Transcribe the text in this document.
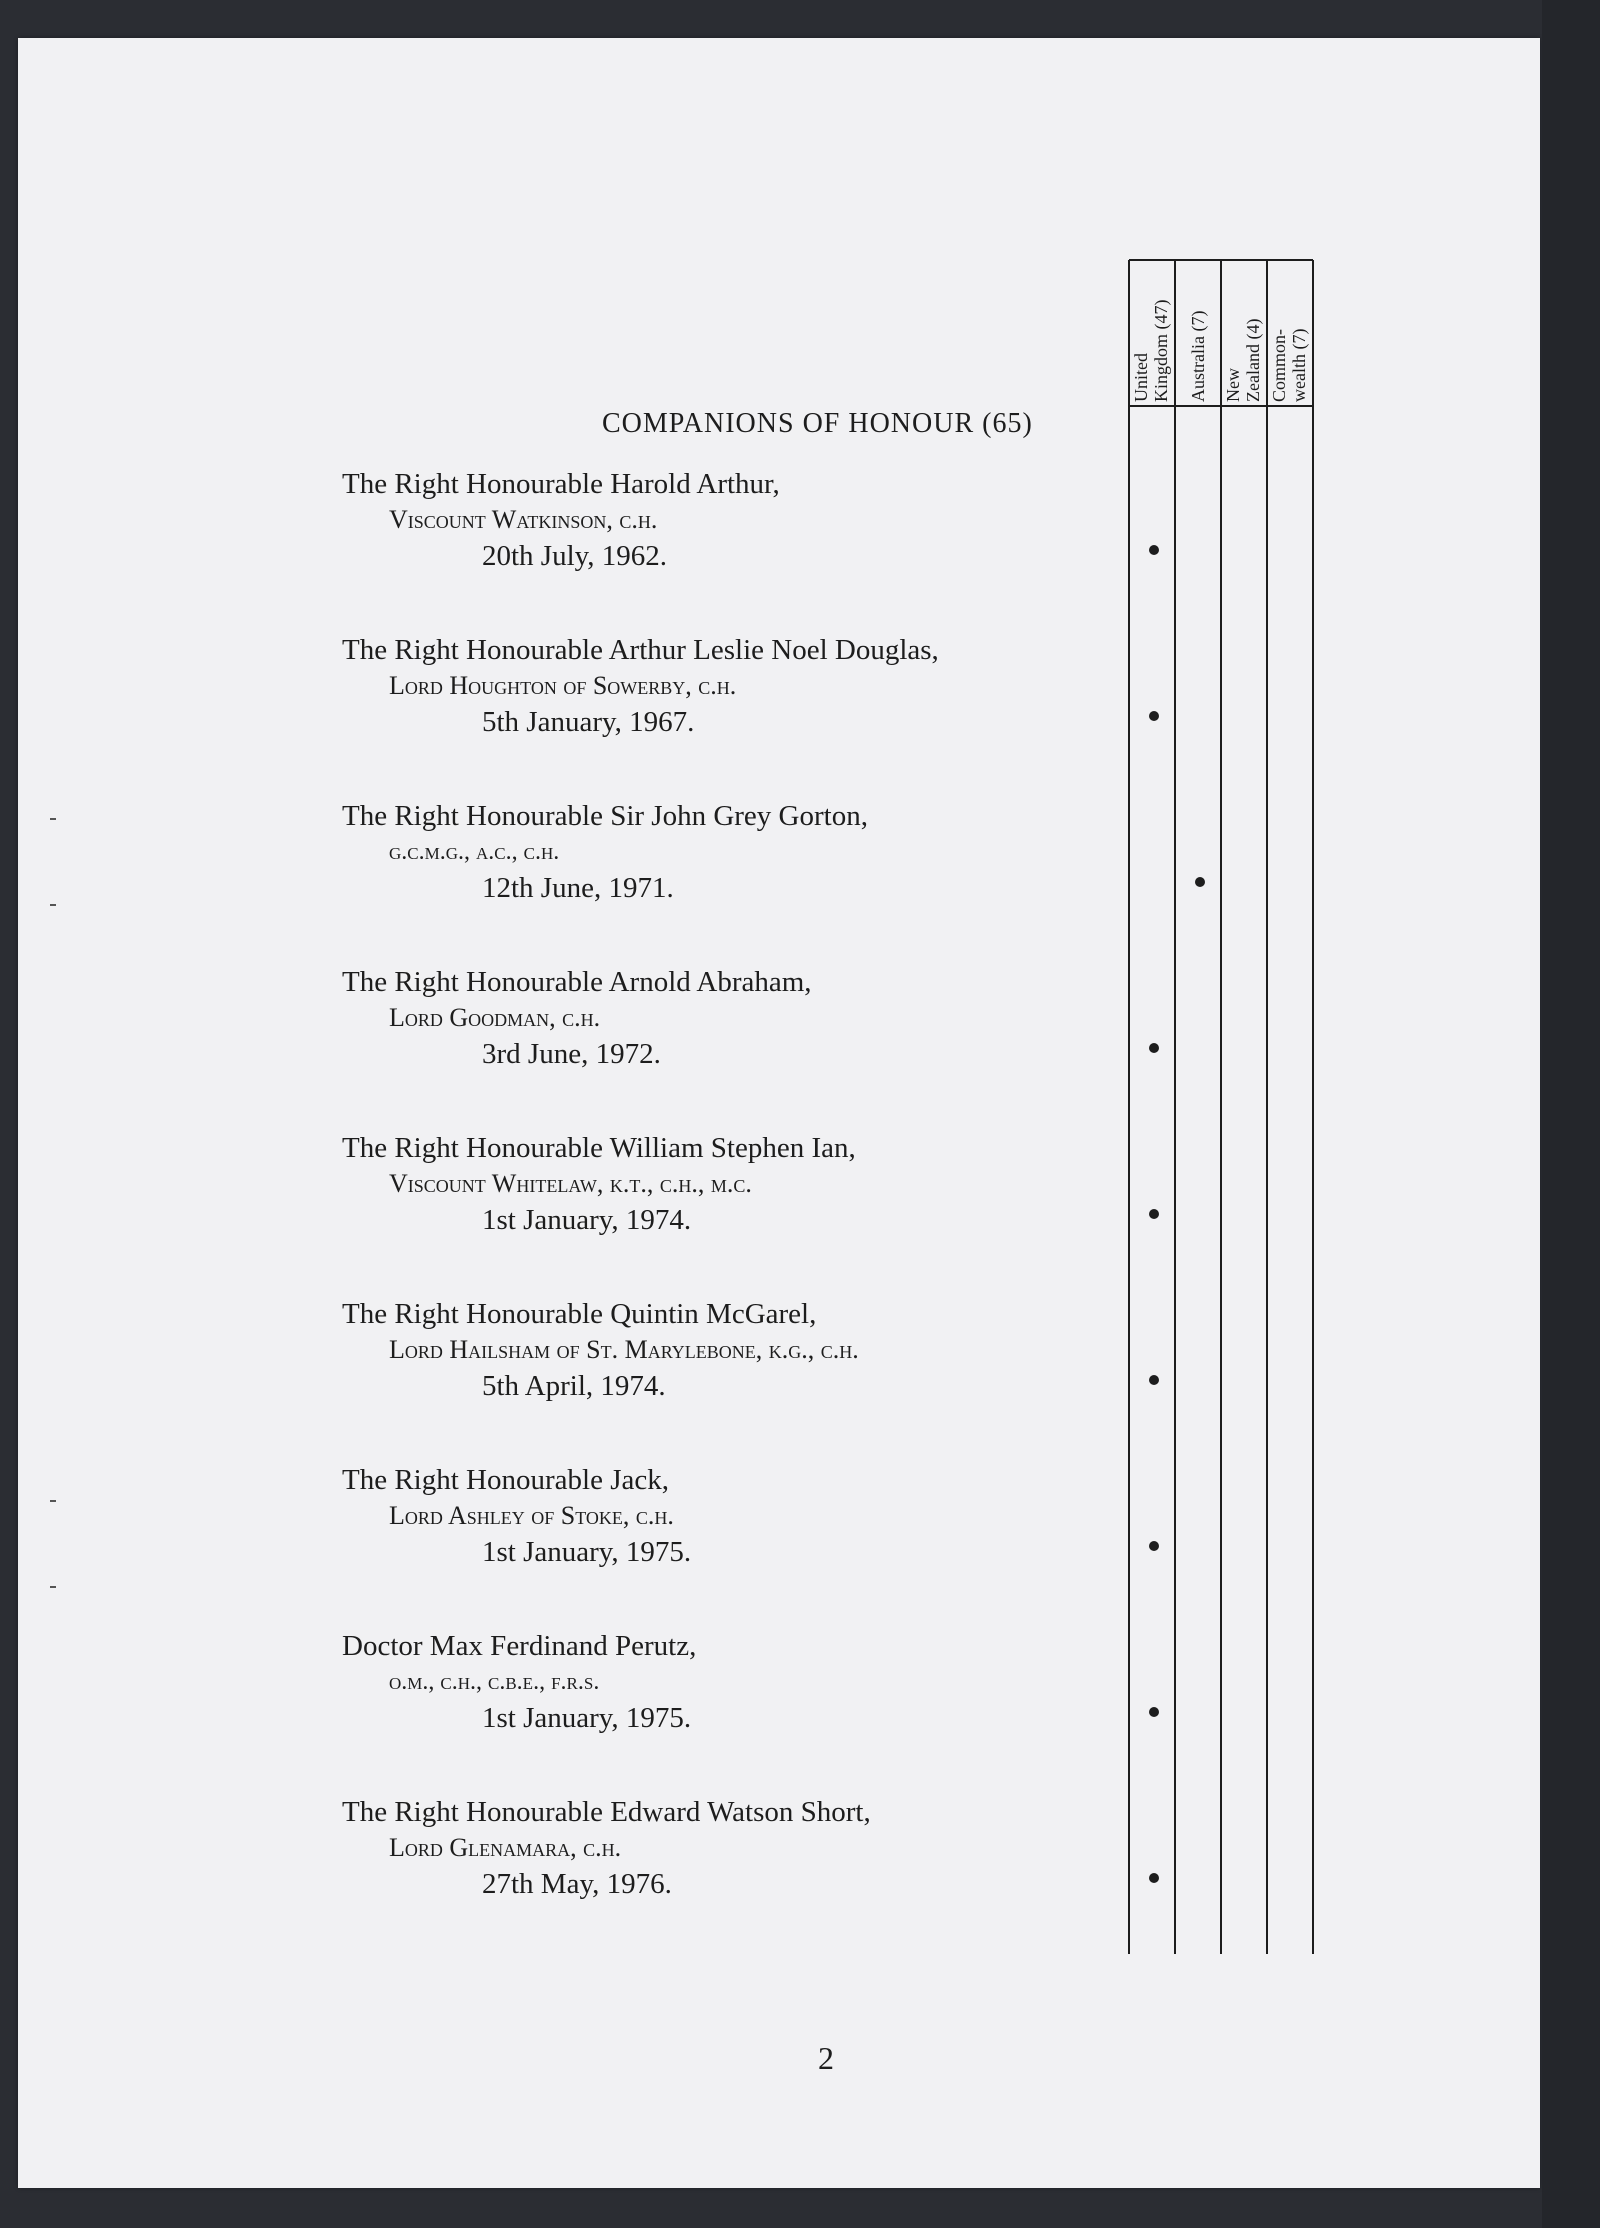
COMPANIONS OF HONOUR (65)
United
Kingdom (47) Australia (7) New
Zealand (4) Common-
wealth (7)
The Right Honourable Harold Arthur,
Viscount Watkinson, c.h.
20th July, 1962.
The Right Honourable Arthur Leslie Noel Douglas,
Lord Houghton of Sowerby, c.h.
5th January, 1967.
The Right Honourable Sir John Grey Gorton,
g.c.m.g., a.c., c.h.
12th June, 1971.
The Right Honourable Arnold Abraham,
Lord Goodman, c.h.
3rd June, 1972.
The Right Honourable William Stephen Ian,
Viscount Whitelaw, k.t., c.h., m.c.
1st January, 1974.
The Right Honourable Quintin McGarel,
Lord Hailsham of St. Marylebone, k.g., c.h.
5th April, 1974.
The Right Honourable Jack,
Lord Ashley of Stoke, c.h.
1st January, 1975.
Doctor Max Ferdinand Perutz,
o.m., c.h., c.b.e., f.r.s.
1st January, 1975.
The Right Honourable Edward Watson Short,
Lord Glenamara, c.h.
27th May, 1976.
2
